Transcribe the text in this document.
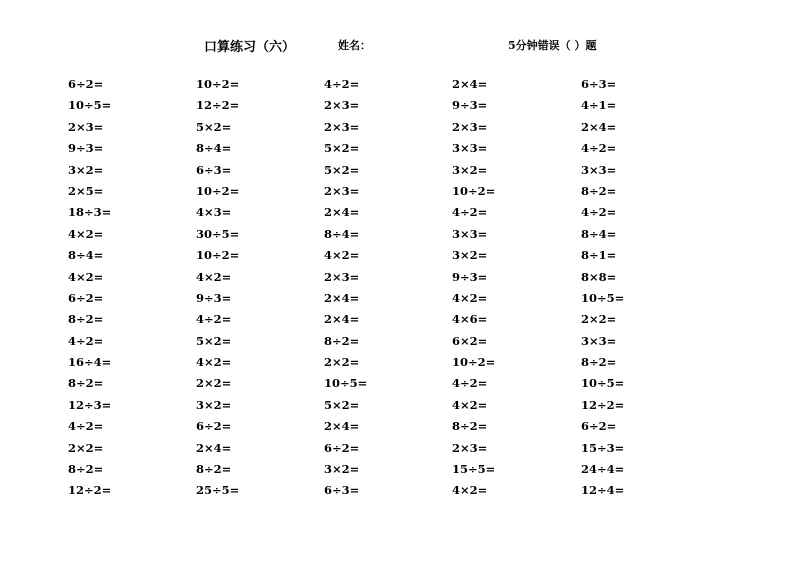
口算练习（六）	姓名：	5分钟错误（ ）题
6÷2=
10÷5=
2×3=
9÷3=
3×2=
2×5=
18÷3=
4×2=
8÷4=
4×2=
6÷2=
8÷2=
4÷2=
16÷4=
8÷2=
12÷3=
4÷2=
2×2=
8÷2=
12÷2=
10÷2=
12÷2=
5×2=
8÷4=
6÷3=
10÷2=
4×3=
30÷5=
10÷2=
4×2=
9÷3=
4÷2=
5×2=
4×2=
2×2=
3×2=
6÷2=
2×4=
8÷2=
25÷5=
4÷2=
2×3=
2×3=
5×2=
5×2=
2×3=
2×4=
8÷4=
4×2=
2×3=
2×4=
2×4=
8÷2=
2×2=
10÷5=
5×2=
2×4=
6÷2=
3×2=
6÷3=
2×4=
9÷3=
2×3=
3×3=
3×2=
10÷2=
4÷2=
3×3=
3×2=
9÷3=
4×2=
4×6=
6×2=
10÷2=
4÷2=
4×2=
8÷2=
2×3=
15÷5=
4×2=
6÷3=
4÷1=
2×4=
4÷2=
3×3=
8÷2=
4÷2=
8÷4=
8÷1=
8×8=
10÷5=
2×2=
3×3=
8÷2=
10÷5=
12÷2=
6÷2=
15÷3=
24÷4=
12÷4=
